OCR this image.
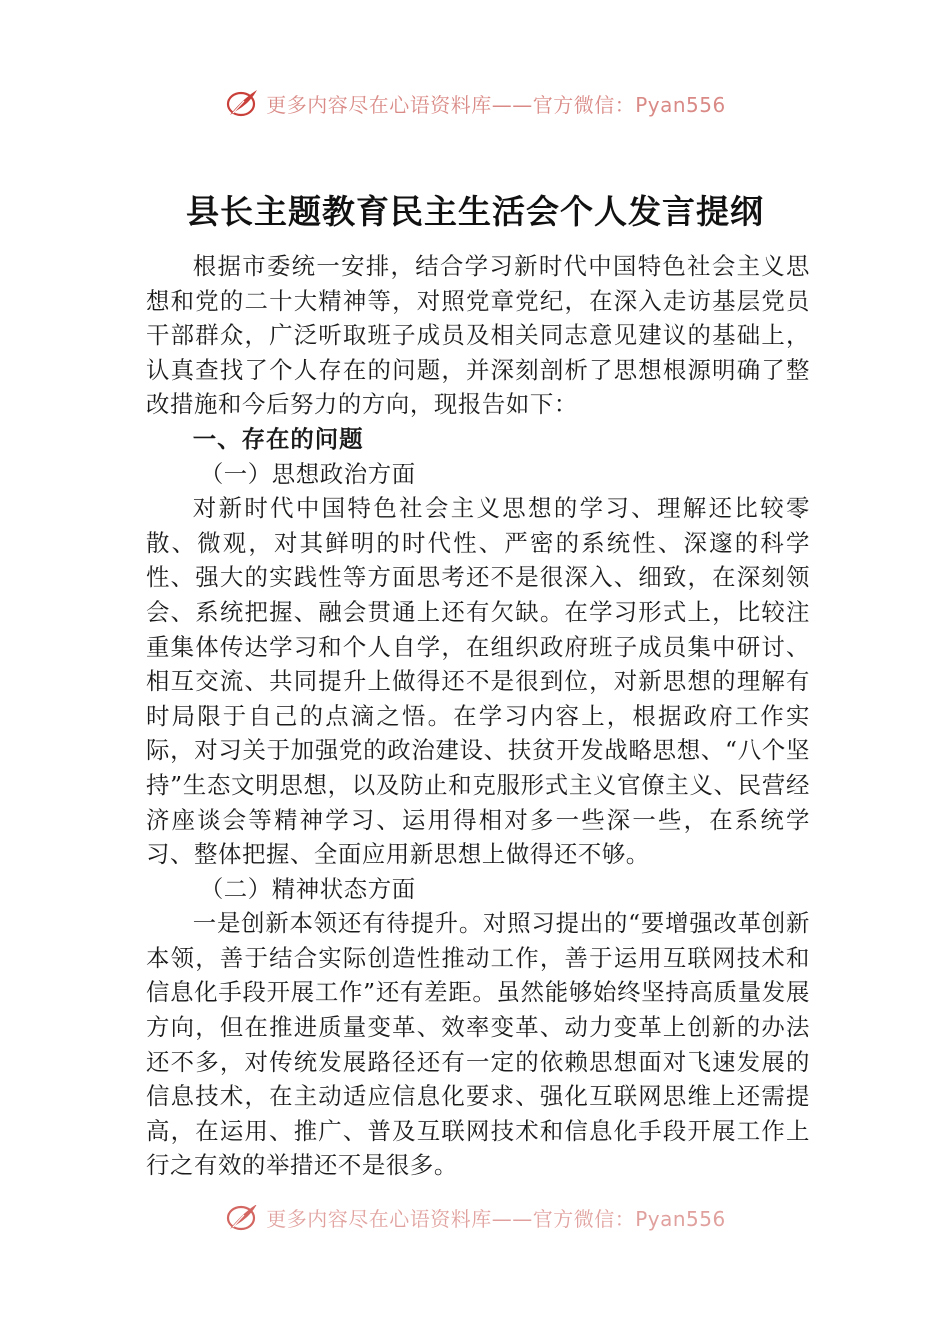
更多内容尽在心语资料库——官方微信：Pyan556
县长主题教育民主生活会个人发言提纲

根据市委统一安排，结合学习新时代中国特色社会主义思想和党的二十大精神等，对照党章党纪，在深入走访基层党员干部群众，广泛听取班子成员及相关同志意见建议的基础上，认真查找了个人存在的问题，并深刻剖析了思想根源明确了整改措施和今后努力的方向，现报告如下：

一、存在的问题
（一）思想政治方面

对新时代中国特色社会主义思想的学习、理解还比较零散、微观，对其鲜明的时代性、严密的系统性、深邃的科学性、强大的实践性等方面思考还不是很深入、细致，在深刻领会、系统把握、融会贯通上还有欠缺。在学习形式上，比较注重集体传达学习和个人自学，在组织政府班子成员集中研讨、相互交流、共同提升上做得还不是很到位，对新思想的理解有时局限于自己的点滴之悟。在学习内容上，根据政府工作实际，对习关于加强党的政治建设、扶贫开发战略思想、“八个坚持”生态文明思想，以及防止和克服形式主义官僚主义、民营经济座谈会等精神学习、运用得相对多一些深一些，在系统学习、整体把握、全面应用新思想上做得还不够。

（二）精神状态方面

一是创新本领还有待提升。对照习提出的“要增强改革创新本领，善于结合实际创造性推动工作，善于运用互联网技术和信息化手段开展工作”还有差距。虽然能够始终坚持高质量发展方向，但在推进质量变革、效率变革、动力变革上创新的办法还不多，对传统发展路径还有一定的依赖思想面对飞速发展的信息技术，在主动适应信息化要求、强化互联网思维上还需提高，在运用、推广、普及互联网技术和信息化手段开展工作上行之有效的举措还不是很多。

更多内容尽在心语资料库——官方微信：Pyan556
